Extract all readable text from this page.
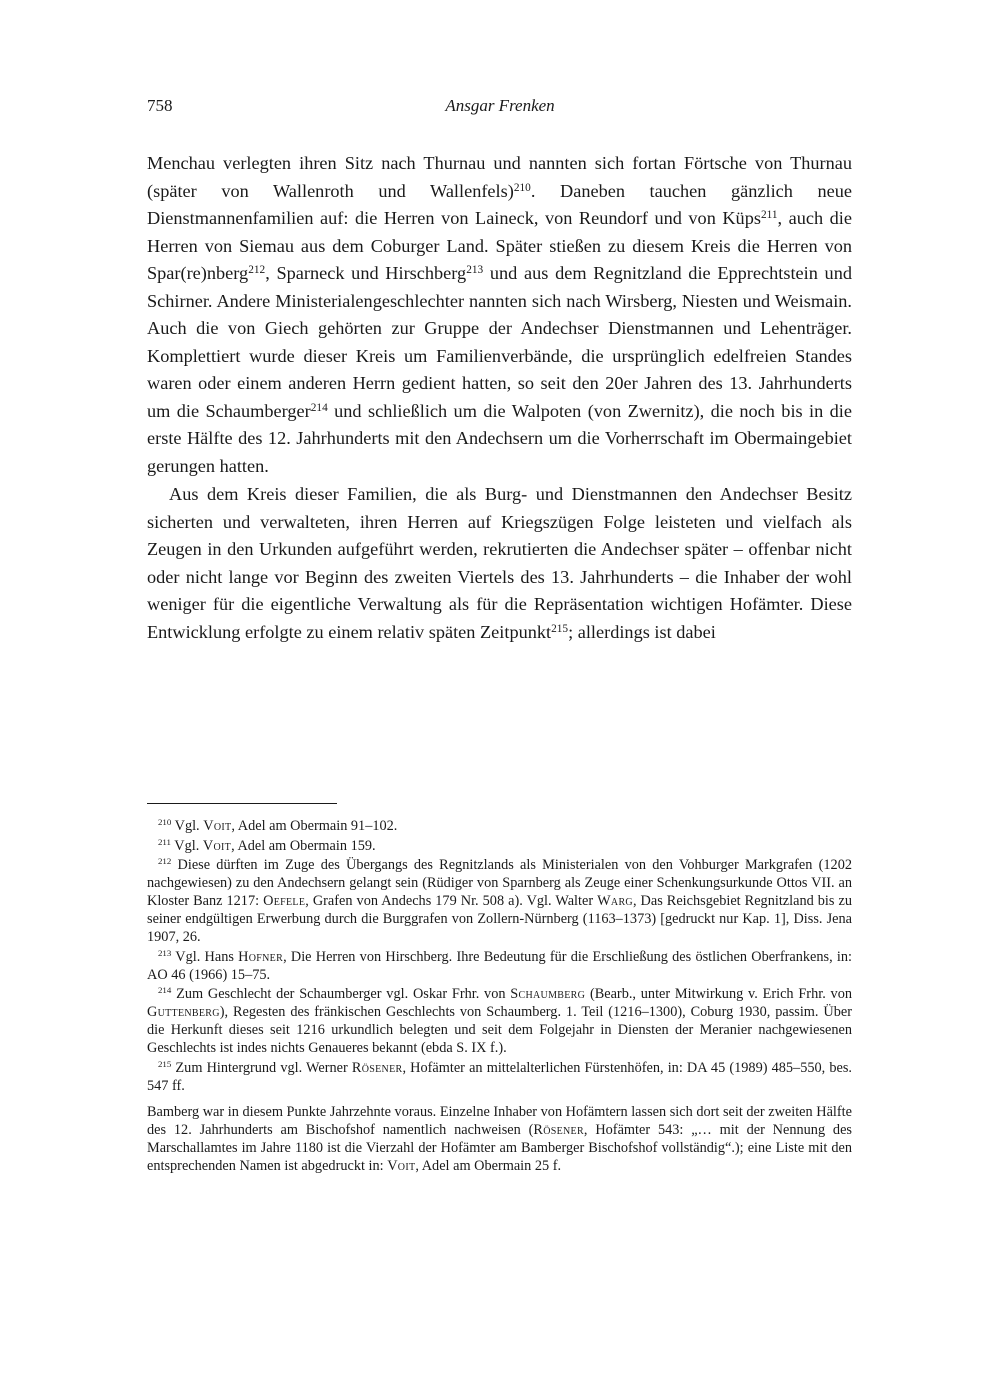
758	Ansgar Frenken

Menchau verlegten ihren Sitz nach Thurnau und nannten sich fortan Förtsche von Thurnau (später von Wallenroth und Wallenfels)$^{210}$. Daneben tauchen gänzlich neue Dienstmannenfamilien auf: die Herren von Laineck, von Reundorf und von Küps$^{211}$, auch die Herren von Siemau aus dem Coburger Land. Später stießen zu diesem Kreis die Herren von Spar(re)nberg$^{212}$, Sparneck und Hirschberg$^{213}$ und aus dem Regnitzland die Epprechtstein und Schirner. Andere Ministerialengeschlechter nannten sich nach Wirsberg, Niesten und Weismain. Auch die von Giech gehörten zur Gruppe der Andechser Dienstmannen und Lehenträger. Komplettiert wurde dieser Kreis um Familienverbände, die ursprünglich edelfreien Standes waren oder einem anderen Herrn gedient hatten, so seit den 20er Jahren des 13. Jahrhunderts um die Schaumberger$^{214}$ und schließlich um die Walpoten (von Zwernitz), die noch bis in die erste Hälfte des 12. Jahrhunderts mit den Andechsern um die Vorherrschaft im Obermaingebiet gerungen hatten.

Aus dem Kreis dieser Familien, die als Burg- und Dienstmannen den Andechser Besitz sicherten und verwalteten, ihren Herren auf Kriegszügen Folge leisteten und vielfach als Zeugen in den Urkunden aufgeführt werden, rekrutierten die Andechser später – offenbar nicht oder nicht lange vor Beginn des zweiten Viertels des 13. Jahrhunderts – die Inhaber der wohl weniger für die eigentliche Verwaltung als für die Repräsentation wichtigen Hofämter. Diese Entwicklung erfolgte zu einem relativ späten Zeitpunkt$^{215}$; allerdings ist dabei

$^{210}$ Vgl. Voit, Adel am Obermain 91–102.

$^{211}$ Vgl. Voit, Adel am Obermain 159.

$^{212}$ Diese dürften im Zuge des Übergangs des Regnitzlands als Ministerialen von den Vohburger Markgrafen (1202 nachgewiesen) zu den Andechsern gelangt sein (Rüdiger von Sparnberg als Zeuge einer Schenkungsurkunde Ottos VII. an Kloster Banz 1217: Oefele, Grafen von Andechs 179 Nr. 508 a). Vgl. Walter Warg, Das Reichsgebiet Regnitzland bis zu seiner endgültigen Erwerbung durch die Burggrafen von Zollern-Nürnberg (1163–1373) [gedruckt nur Kap. 1], Diss. Jena 1907, 26.

$^{213}$ Vgl. Hans Hofner, Die Herren von Hirschberg. Ihre Bedeutung für die Erschließung des östlichen Oberfrankens, in: AO 46 (1966) 15–75.

$^{214}$ Zum Geschlecht der Schaumberger vgl. Oskar Frhr. von Schaumberg (Bearb., unter Mitwirkung v. Erich Frhr. von Guttenberg), Regesten des fränkischen Geschlechts von Schaumberg. 1. Teil (1216–1300), Coburg 1930, passim. Über die Herkunft dieses seit 1216 urkundlich belegten und seit dem Folgejahr in Diensten der Meranier nachgewiesenen Geschlechts ist indes nichts Genaueres bekannt (ebda S. IX f.).

$^{215}$ Zum Hintergrund vgl. Werner Rösener, Hofämter an mittelalterlichen Fürstenhöfen, in: DA 45 (1989) 485–550, bes. 547 ff.

Bamberg war in diesem Punkte Jahrzehnte voraus. Einzelne Inhaber von Hofämtern lassen sich dort seit der zweiten Hälfte des 12. Jahrhunderts am Bischofshof namentlich nachweisen (Rösener, Hofämter 543: „… mit der Nennung des Marschallamtes im Jahre 1180 ist die Vierzahl der Hofämter am Bamberger Bischofshof vollständig“.); eine Liste mit den entsprechenden Namen ist abgedruckt in: Voit, Adel am Obermain 25 f.
